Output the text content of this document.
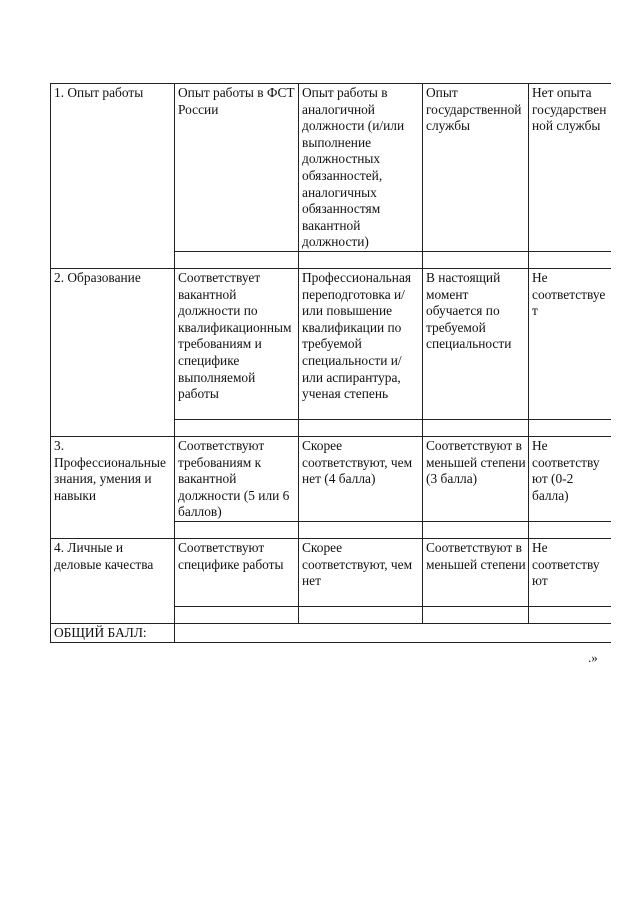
1. Опыт работы	Опыт работы в ФСТ России	Опыт работы в аналогичной должности (и/или выполнение должностных обязанностей, аналогичных обязанностям вакантной должности)	Опыт государственной службы	Нет опыта государственной службы

2. Образование	Соответствует вакантной должности по квалификационным требованиям и специфике выполняемой работы	Профессиональная переподготовка и/или повышение квалификации по требуемой специальности и/или аспирантура, ученая степень	В настоящий момент обучается по требуемой специальности	Не соответствует

3. Профессиональные знания, умения и навыки	Соответствуют требованиям к вакантной должности (5 или 6 баллов)	Скорее соответствуют, чем нет (4 балла)	Соответствуют в меньшей степени (3 балла)	Не соответствуют (0-2 балла)

4. Личные и деловые качества	Соответствуют специфике работы	Скорее соответствуют, чем нет	Соответствуют в меньшей степени	Не соответствуют

ОБЩИЙ БАЛЛ:				
.»
